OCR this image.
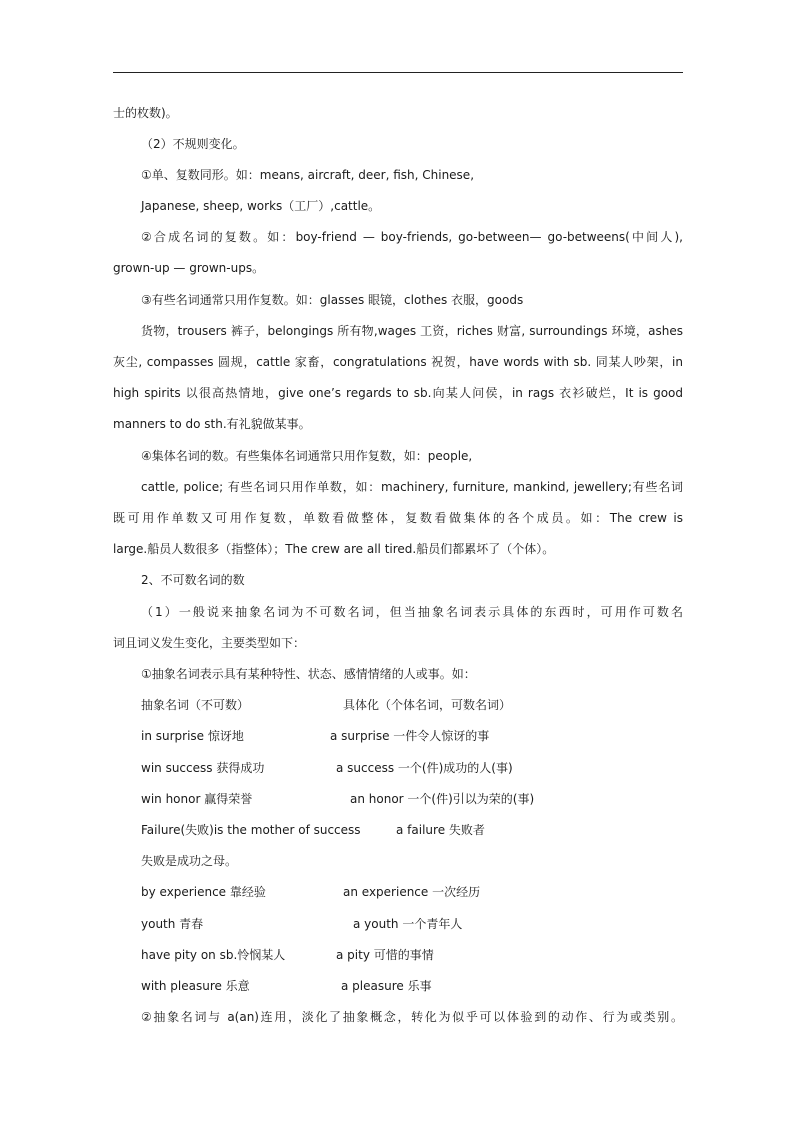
士的枚数)。
（2）不规则变化。
①单、复数同形。如：means, aircraft, deer, fish, Chinese,
Japanese, sheep, works（工厂）,cattle。
②合成名词的复数。如：boy-friend — boy-friends, go-between— go-betweens(中间人),
grown-up — grown-ups。
③有些名词通常只用作复数。如：glasses 眼镜，clothes 衣服，goods
货物，trousers 裤子，belongings 所有物,wages 工资，riches 财富, surroundings 环境，ashes
灰尘, compasses 圆规，cattle 家畜，congratulations 祝贺，have words with sb. 同某人吵架，in
high spirits 以很高热情地，give one’s regards to sb.向某人问侯，in rags 衣衫破烂，It is good
manners to do sth.有礼貌做某事。
④集体名词的数。有些集体名词通常只用作复数，如：people,
cattle, police; 有些名词只用作单数，如：machinery, furniture, mankind, jewellery;有些名词
既可用作单数又可用作复数，单数看做整体，复数看做集体的各个成员。如：The crew is
large.船员人数很多（指整体）；The crew are all tired.船员们都累坏了（个体）。
2、不可数名词的数
（1）一般说来抽象名词为不可数名词，但当抽象名词表示具体的东西时，可用作可数名
词且词义发生变化，主要类型如下：
①抽象名词表示具有某种特性、状态、感情情绪的人或事。如：
抽象名词（不可数）	具体化（个体名词，可数名词）
in surprise 惊讶地	a surprise 一件令人惊讶的事
win success 获得成功	a success 一个(件)成功的人(事)
win honor 赢得荣誉	an honor 一个(件)引以为荣的(事)
Failure(失败)is the mother of success	a failure 失败者
失败是成功之母。
by experience 靠经验	an experience 一次经历
youth 青春	a youth 一个青年人
have pity on sb.怜悯某人	a pity 可惜的事情
with pleasure 乐意	a pleasure 乐事
②抽象名词与 a(an)连用，淡化了抽象概念，转化为似乎可以体验到的动作、行为或类别。
